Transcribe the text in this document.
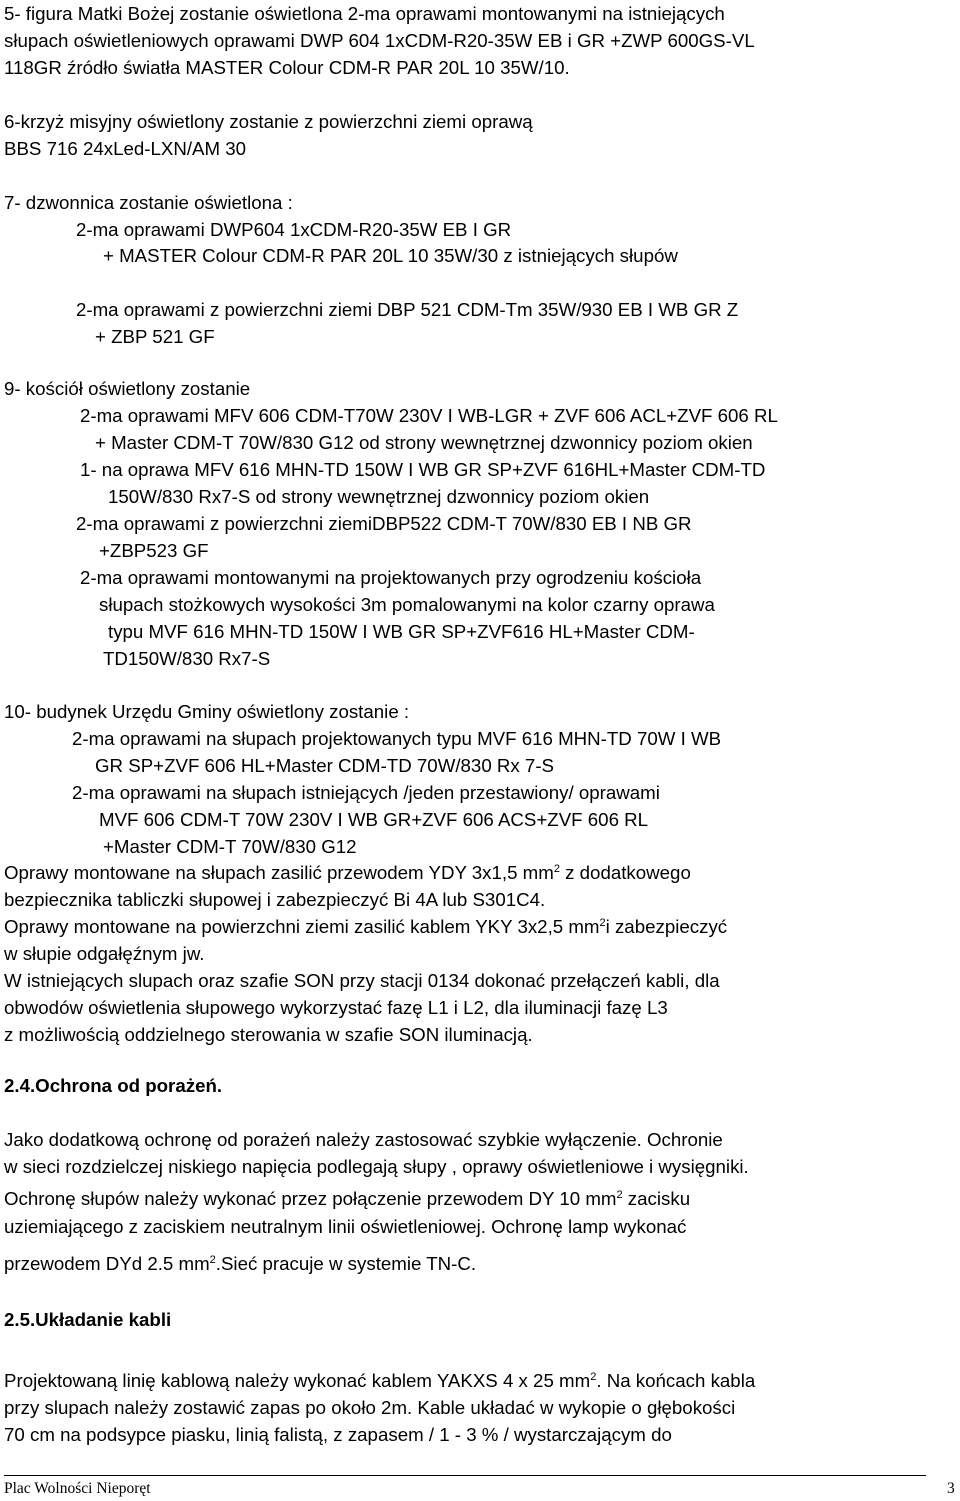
5- figura Matki Bożej zostanie oświetlona 2-ma oprawami montowanymi na istniejących
słupach oświetleniowych oprawami DWP 604 1xCDM-R20-35W EB i GR +ZWP 600GS-VL
118GR źródło światła MASTER Colour CDM-R PAR 20L 10 35W/10.
6-krzyż misyjny oświetlony zostanie z powierzchni ziemi oprawą
BBS 716 24xLed-LXN/AM 30
7- dzwonnica zostanie oświetlona :
2-ma oprawami DWP604 1xCDM-R20-35W EB I GR
+ MASTER Colour CDM-R PAR 20L 10 35W/30 z istniejących słupów
2-ma oprawami z powierzchni ziemi DBP 521 CDM-Tm 35W/930 EB I WB GR Z
+ ZBP 521 GF
9- kościół oświetlony zostanie
2-ma oprawami MFV 606 CDM-T70W 230V I WB-LGR + ZVF 606 ACL+ZVF 606 RL
+ Master CDM-T 70W/830 G12 od strony wewnętrznej dzwonnicy poziom okien
1- na oprawa MFV 616 MHN-TD 150W I WB GR SP+ZVF 616HL+Master CDM-TD
150W/830 Rx7-S od strony wewnętrznej dzwonnicy poziom okien
2-ma oprawami z powierzchni ziemiDBP522 CDM-T 70W/830 EB I NB GR
+ZBP523 GF
2-ma oprawami montowanymi na projektowanych przy ogrodzeniu kościoła
słupach stożkowych wysokości 3m pomalowanymi na kolor czarny oprawa
typu MVF 616 MHN-TD 150W I WB GR SP+ZVF616 HL+Master CDM-
TD150W/830 Rx7-S
10- budynek Urzędu Gminy oświetlony zostanie :
2-ma oprawami na słupach projektowanych typu MVF 616 MHN-TD 70W I WB
GR SP+ZVF 606 HL+Master CDM-TD 70W/830 Rx 7-S
2-ma oprawami na słupach istniejących /jeden przestawiony/ oprawami
MVF 606 CDM-T 70W 230V I WB GR+ZVF 606 ACS+ZVF 606 RL
+Master CDM-T 70W/830 G12
Oprawy montowane na słupach zasilić przewodem YDY 3x1,5 $mm^2$ z dodatkowego
bezpiecznika tabliczki słupowej i zabezpieczyć Bi 4A lub S301C4.
Oprawy montowane na powierzchni ziemi zasilić kablem YKY 3x2,5 $mm^2i$ zabezpieczyć
w słupie odgałęźnym jw.
W istniejących slupach oraz szafie SON przy stacji 0134 dokonać przełączeń kabli, dla
obwodów oświetlenia słupowego wykorzystać fazę L1 i L2, dla iluminacji fazę L3
z możliwością oddzielnego sterowania w szafie SON iluminacją.
2.4.Ochrona od porażeń.
Jako dodatkową ochronę od porażeń należy zastosować szybkie wyłączenie. Ochronie
w sieci rozdzielczej niskiego napięcia podlegają słupy , oprawy oświetleniowe i wysięgniki.
Ochronę słupów należy wykonać przez połączenie przewodem DY 10 $mm^2$ zacisku
uziemiającego z zaciskiem neutralnym linii oświetleniowej. Ochronę lamp wykonać
przewodem DYd 2.5 $mm^2.Sieć$ pracuje w systemie TN-C.
2.5.Układanie kabli
Projektowaną linię kablową należy wykonać kablem YAKXS 4 x 25 $mm^2$. Na końcach kabla
przy slupach należy zostawić zapas po około 2m. Kable układać w wykopie o głębokości
70 cm na podsypce piasku, linią falistą, z zapasem / 1 - 3 % / wystarczającym do
Plac Wolności Nieporęt	3
